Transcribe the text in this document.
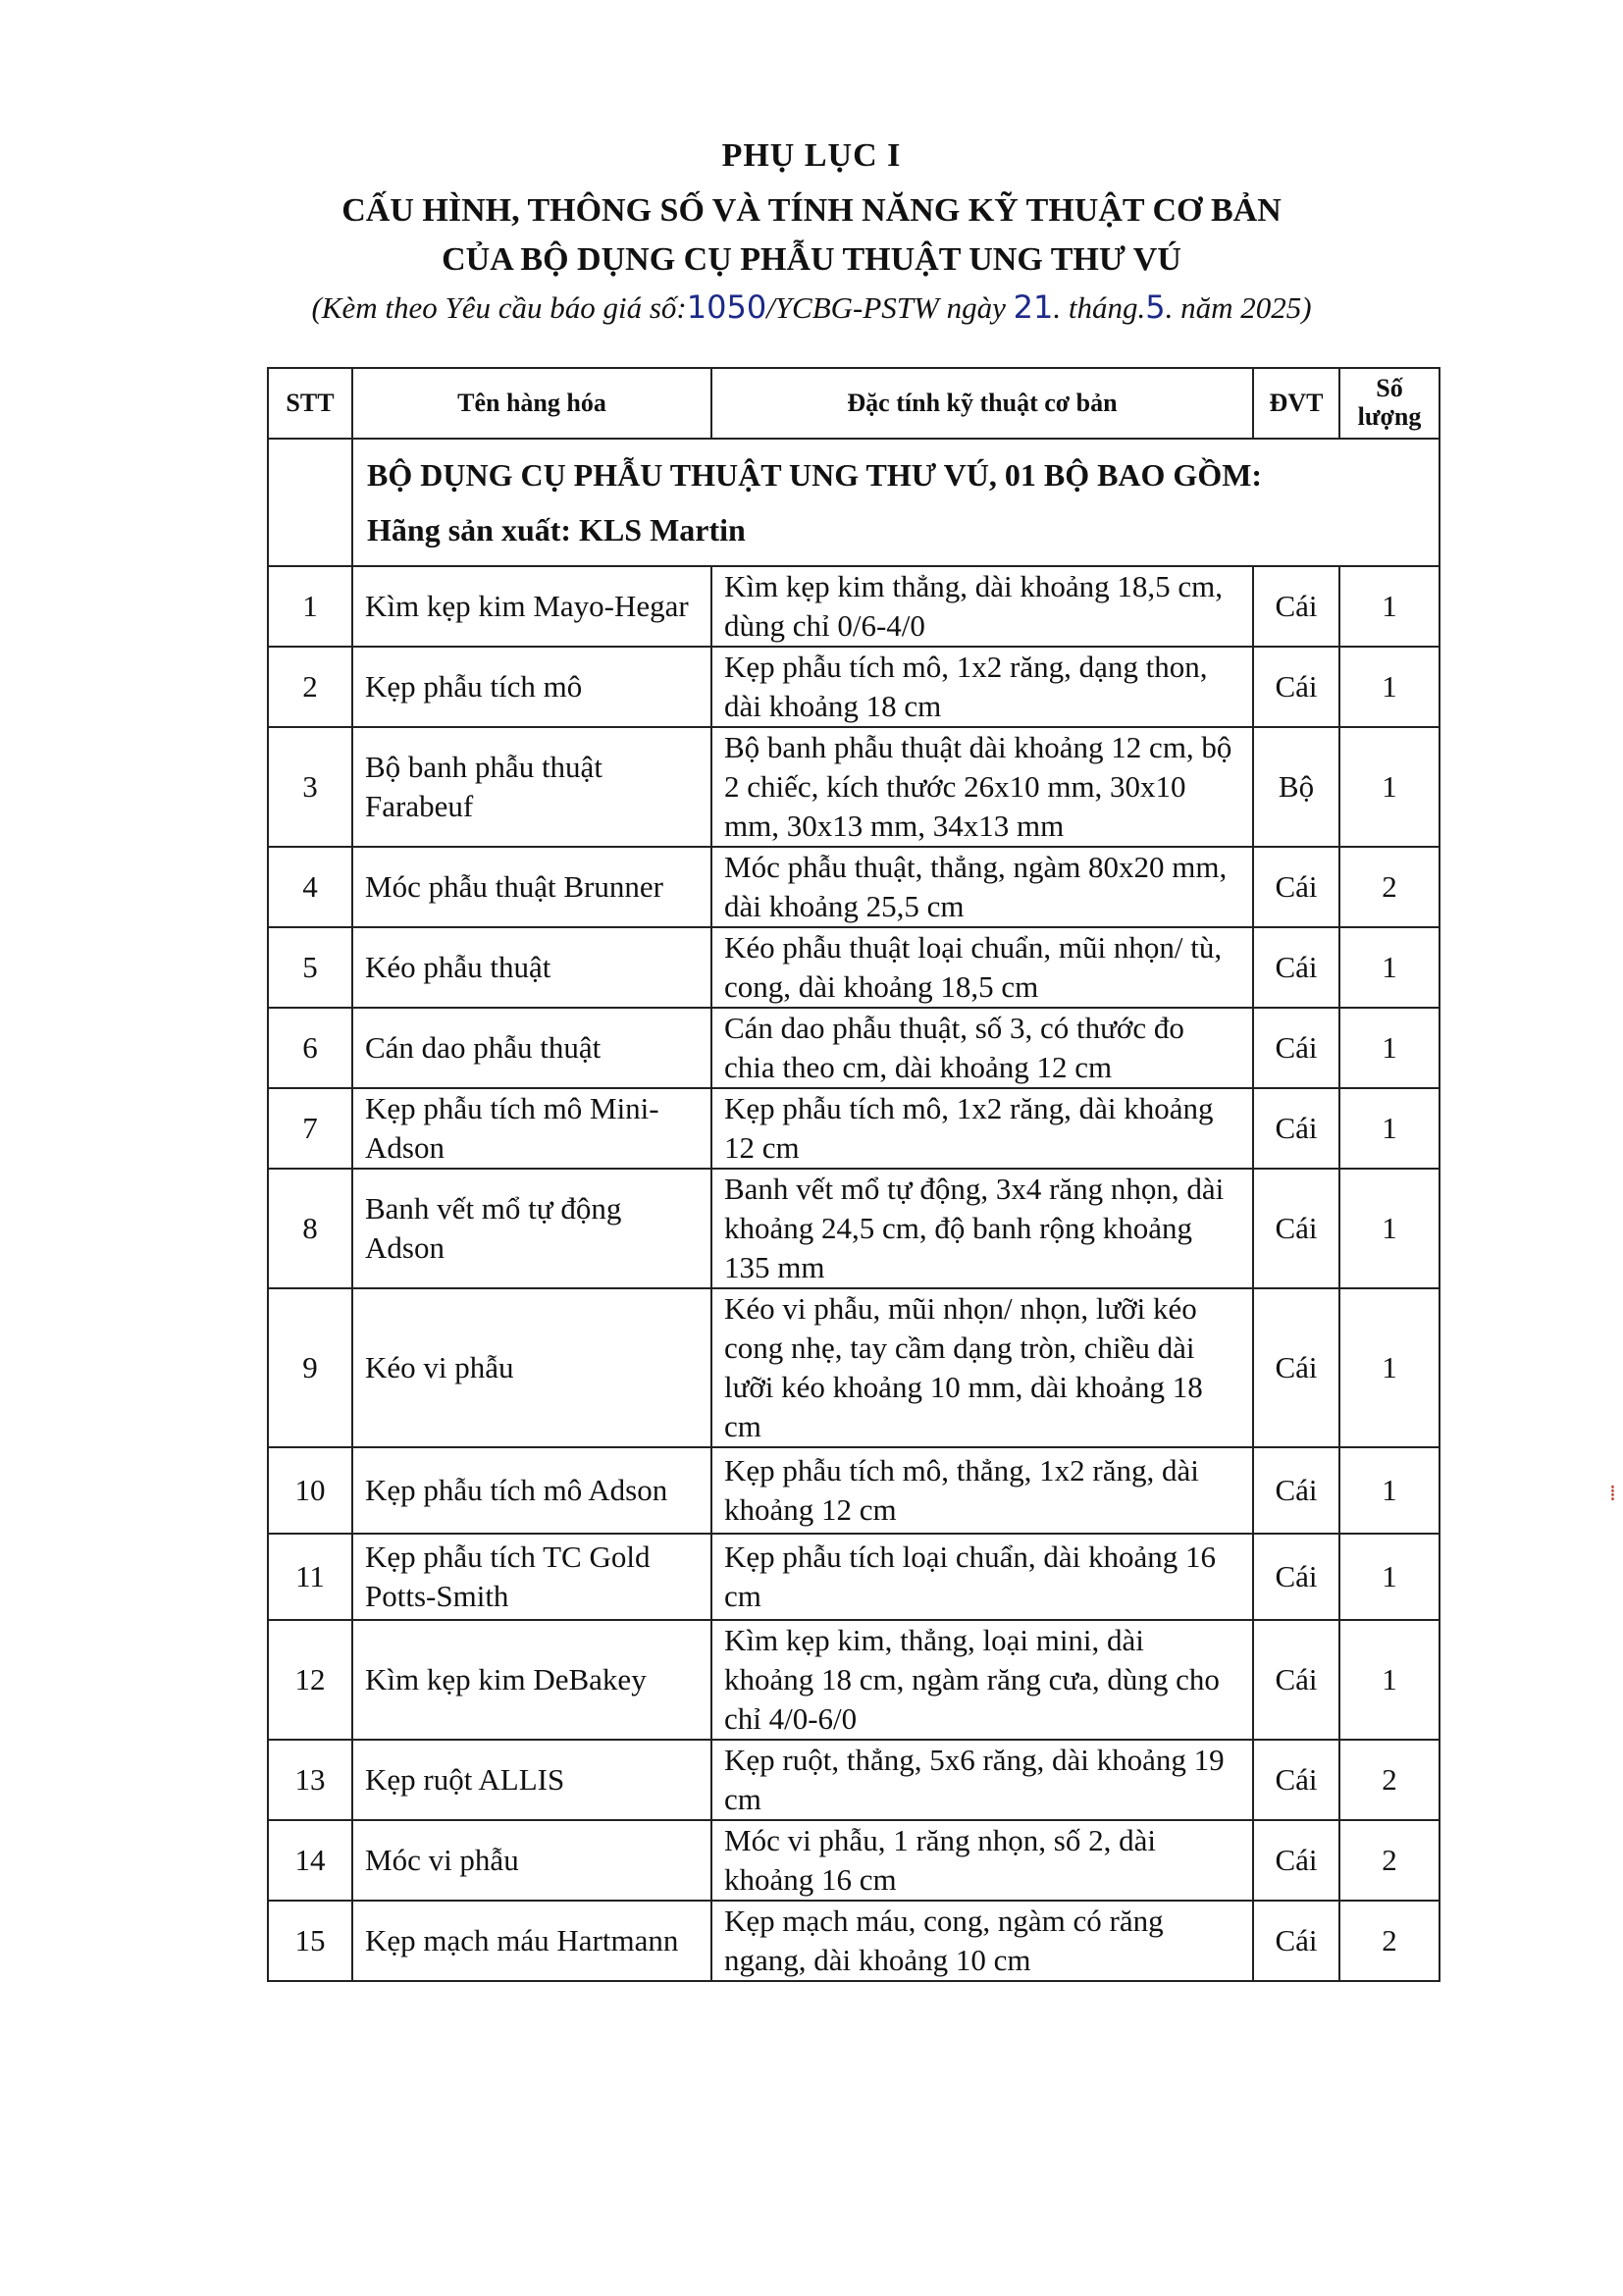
PHỤ LỤC I
CẤU HÌNH, THÔNG SỐ VÀ TÍNH NĂNG KỸ THUẬT CƠ BẢN
CỦA BỘ DỤNG CỤ PHẪU THUẬT UNG THƯ VÚ
(Kèm theo Yêu cầu báo giá số:1050/YCBG-PSTW ngày 21. tháng.5. năm 2025)
STT	Tên hàng hóa	Đặc tính kỹ thuật cơ bản	ĐVT	Số lượng

	BỘ DỤNG CỤ PHẪU THUẬT UNG THƯ VÚ, 01 BỘ BAO GỒM:
Hãng sản xuất: KLS Martin			

1	Kìm kẹp kim Mayo-Hegar	Kìm kẹp kim thẳng, dài khoảng 18,5 cm, dùng chỉ 0/6-4/0	Cái	1
2	Kẹp phẫu tích mô	Kẹp phẫu tích mô, 1x2 răng, dạng thon, dài khoảng 18 cm	Cái	1
3	Bộ banh phẫu thuật Farabeuf	Bộ banh phẫu thuật dài khoảng 12 cm, bộ 2 chiếc, kích thước 26x10 mm, 30x10 mm, 30x13 mm, 34x13 mm	Bộ	1
4	Móc phẫu thuật Brunner	Móc phẫu thuật, thẳng, ngàm 80x20 mm, dài khoảng 25,5 cm	Cái	2
5	Kéo phẫu thuật	Kéo phẫu thuật loại chuẩn, mũi nhọn/ tù, cong, dài khoảng 18,5 cm	Cái	1
6	Cán dao phẫu thuật	Cán dao phẫu thuật, số 3, có thước đo chia theo cm, dài khoảng 12 cm	Cái	1
7	Kẹp phẫu tích mô Mini-Adson	Kẹp phẫu tích mô, 1x2 răng, dài khoảng 12 cm	Cái	1
8	Banh vết mổ tự động Adson	Banh vết mổ tự động, 3x4 răng nhọn, dài khoảng 24,5 cm, độ banh rộng khoảng 135 mm	Cái	1
9	Kéo vi phẫu	Kéo vi phẫu, mũi nhọn/ nhọn, lưỡi kéo cong nhẹ, tay cầm dạng tròn, chiều dài lưỡi kéo khoảng 10 mm, dài khoảng 18 cm	Cái	1
10	Kẹp phẫu tích mô Adson	Kẹp phẫu tích mô, thẳng, 1x2 răng, dài khoảng 12 cm	Cái	1
11	Kẹp phẫu tích TC Gold Potts-Smith	Kẹp phẫu tích loại chuẩn, dài khoảng 16 cm	Cái	1
12	Kìm kẹp kim DeBakey	Kìm kẹp kim, thẳng, loại mini, dài khoảng 18 cm, ngàm răng cưa, dùng cho chỉ 4/0-6/0	Cái	1
13	Kẹp ruột ALLIS	Kẹp ruột, thẳng, 5x6 răng, dài khoảng 19 cm	Cái	2
14	Móc vi phẫu	Móc vi phẫu, 1 răng nhọn, số 2, dài khoảng 16 cm	Cái	2
15	Kẹp mạch máu Hartmann	Kẹp mạch máu, cong, ngàm có răng ngang, dài khoảng 10 cm	Cái	2
⁞
